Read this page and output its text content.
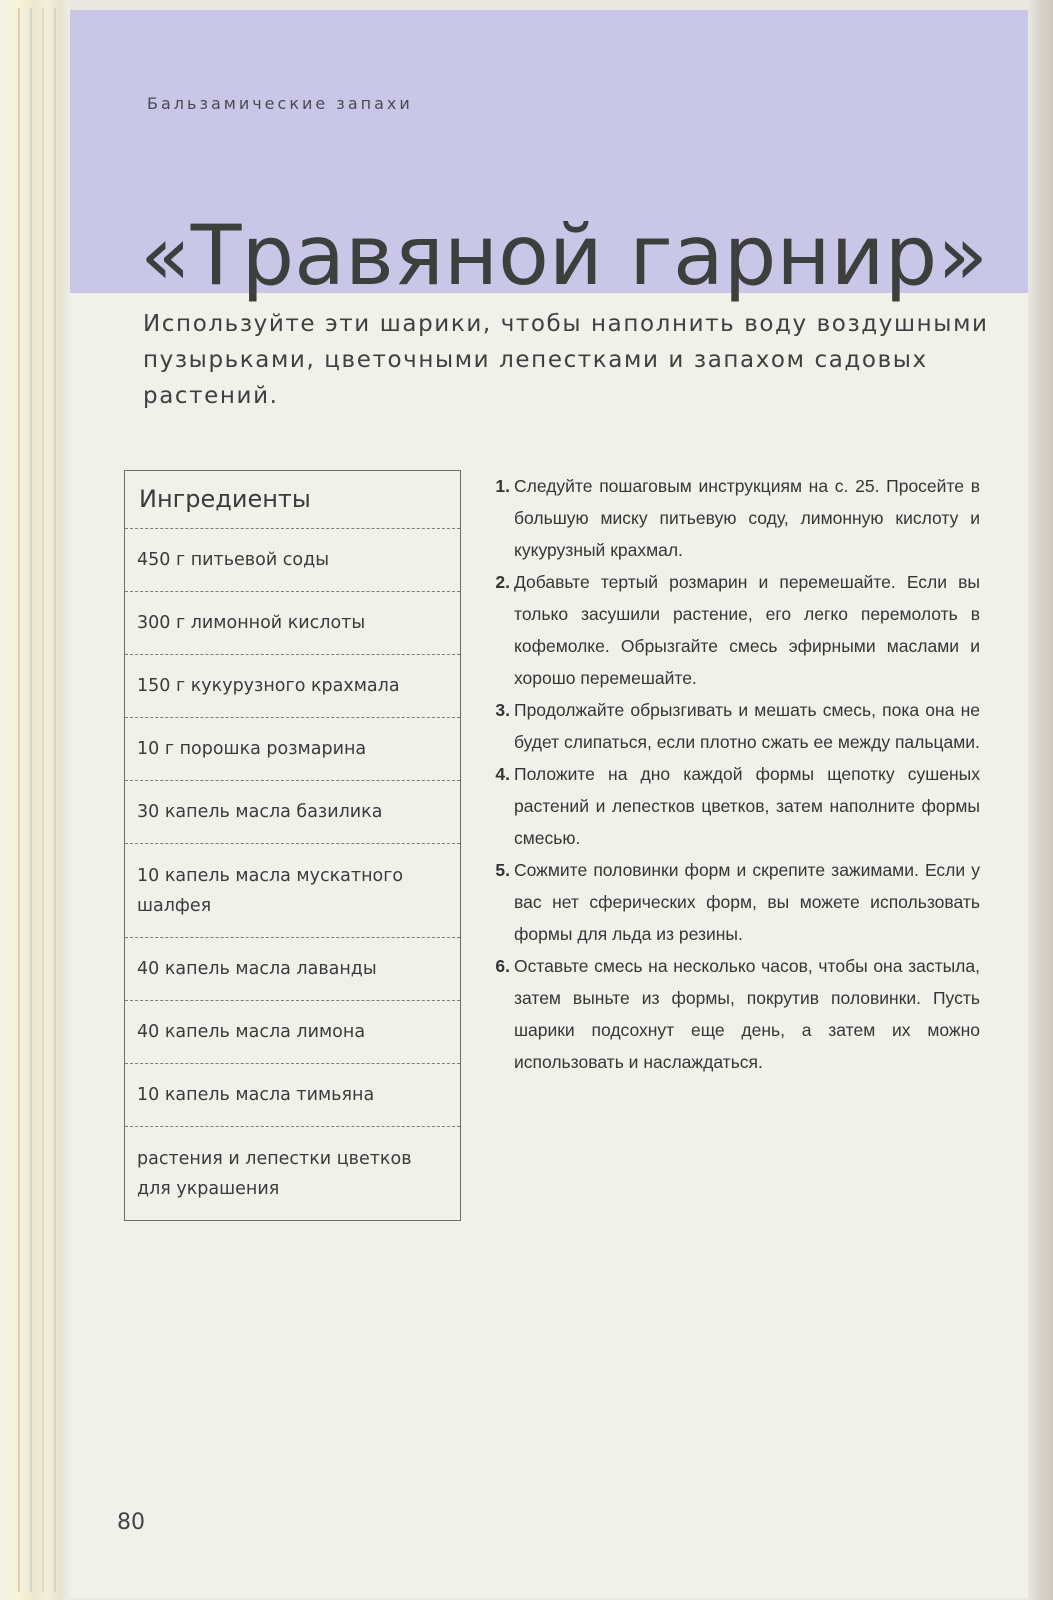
Бальзамические запахи
«Травяной гарнир»
Используйте эти шарики, чтобы наполнить воду воздушными пузырьками, цветочными лепестками и запахом садовых растений.
Ингредиенты
450 г питьевой соды
300 г лимонной кислоты
150 г кукурузного крахмала
10 г порошка розмарина
30 капель масла базилика
10 капель масла мускатного шалфея
40 капель масла лаванды
40 капель масла лимона
10 капель масла тимьяна
растения и лепестки цветков для украшения
1. Следуйте пошаговым инструкциям на с. 25. Просейте в большую миску питьевую соду, лимонную кислоту и кукурузный крахмал.
2. Добавьте тертый розмарин и перемешайте. Если вы только засушили растение, его легко перемолоть в кофемолке. Обрызгайте смесь эфирными маслами и хорошо перемешайте.
3. Продолжайте обрызгивать и мешать смесь, пока она не будет слипаться, если плотно сжать ее между пальцами.
4. Положите на дно каждой формы щепотку сушеных растений и лепестков цветков, затем наполните формы смесью.
5. Сожмите половинки форм и скрепите зажимами. Если у вас нет сферических форм, вы можете использовать формы для льда из резины.
6. Оставьте смесь на несколько часов, чтобы она застыла, затем выньте из формы, покрутив половинки. Пусть шарики подсохнут еще день, а затем их можно использовать и наслаждаться.
80
